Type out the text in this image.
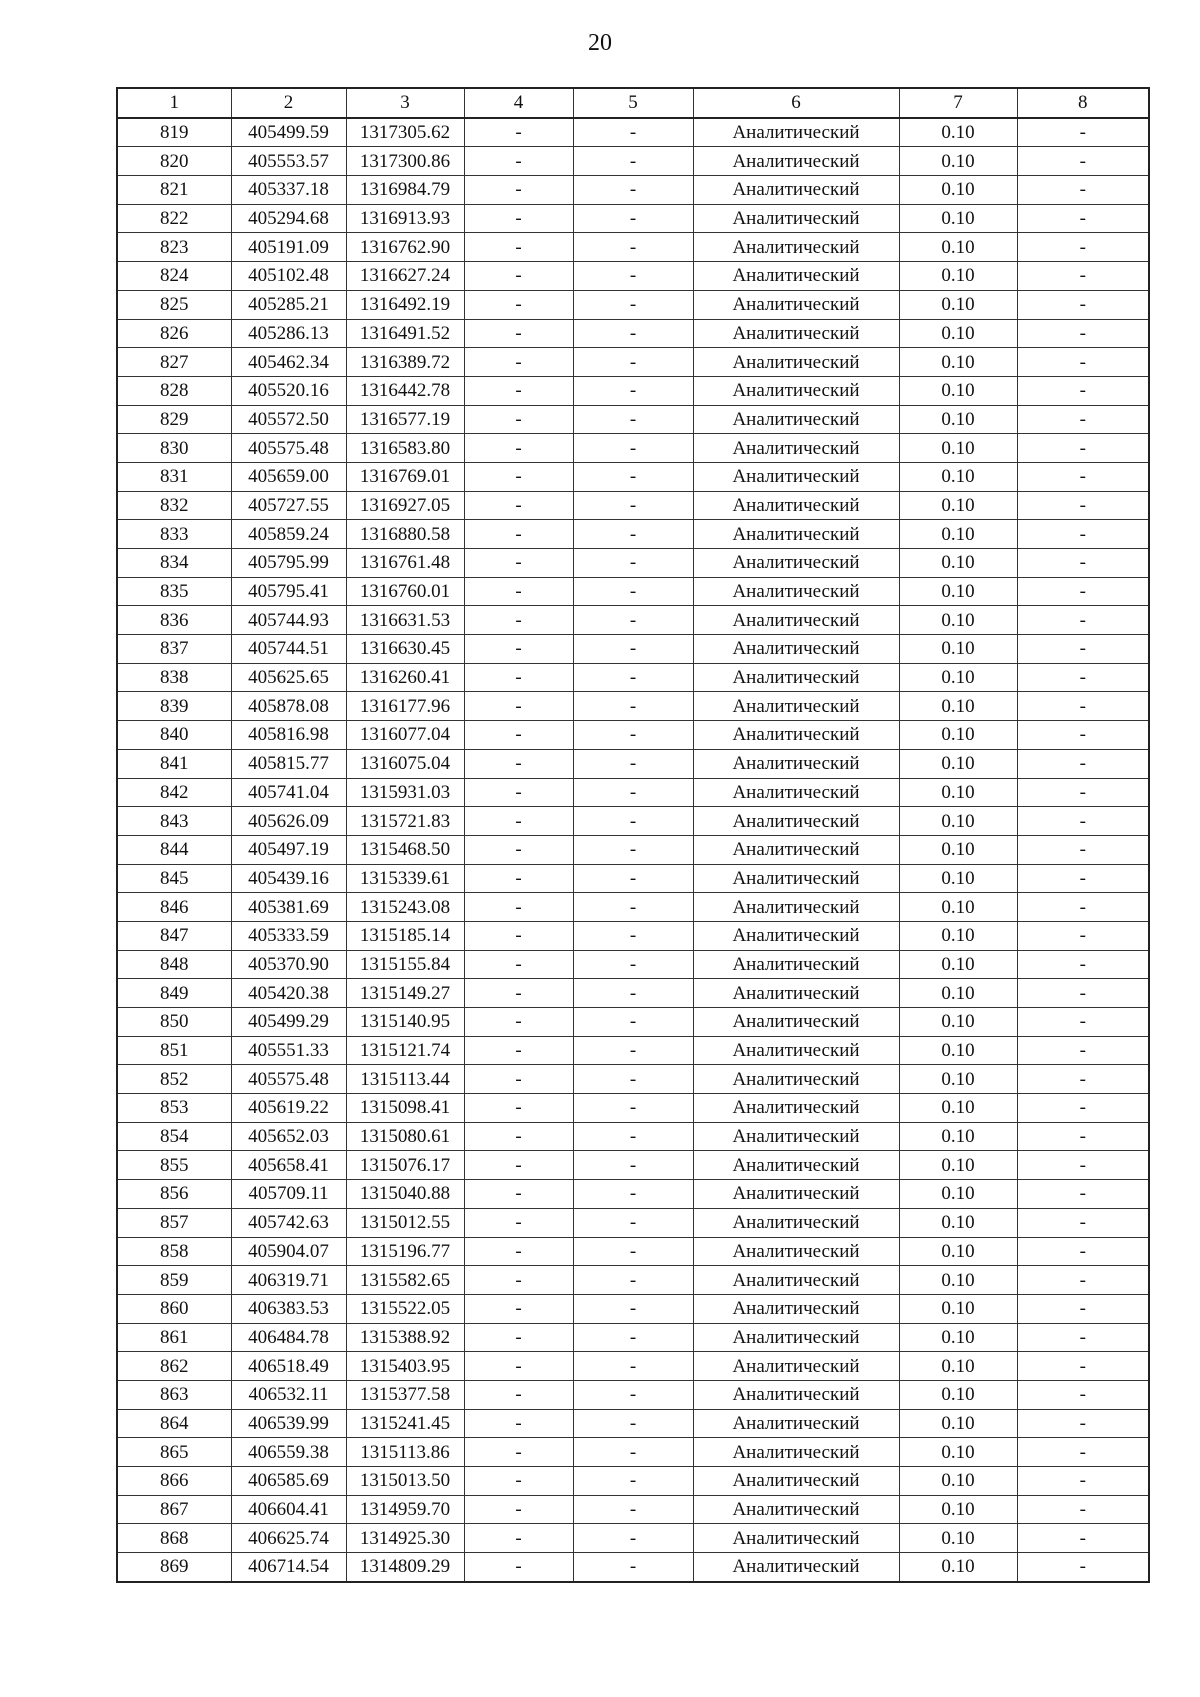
20
1	2	3	4	5	6	7	8
819	405499.59	1317305.62	-	-	Аналитический	0.10	-
820	405553.57	1317300.86	-	-	Аналитический	0.10	-
821	405337.18	1316984.79	-	-	Аналитический	0.10	-
822	405294.68	1316913.93	-	-	Аналитический	0.10	-
823	405191.09	1316762.90	-	-	Аналитический	0.10	-
824	405102.48	1316627.24	-	-	Аналитический	0.10	-
825	405285.21	1316492.19	-	-	Аналитический	0.10	-
826	405286.13	1316491.52	-	-	Аналитический	0.10	-
827	405462.34	1316389.72	-	-	Аналитический	0.10	-
828	405520.16	1316442.78	-	-	Аналитический	0.10	-
829	405572.50	1316577.19	-	-	Аналитический	0.10	-
830	405575.48	1316583.80	-	-	Аналитический	0.10	-
831	405659.00	1316769.01	-	-	Аналитический	0.10	-
832	405727.55	1316927.05	-	-	Аналитический	0.10	-
833	405859.24	1316880.58	-	-	Аналитический	0.10	-
834	405795.99	1316761.48	-	-	Аналитический	0.10	-
835	405795.41	1316760.01	-	-	Аналитический	0.10	-
836	405744.93	1316631.53	-	-	Аналитический	0.10	-
837	405744.51	1316630.45	-	-	Аналитический	0.10	-
838	405625.65	1316260.41	-	-	Аналитический	0.10	-
839	405878.08	1316177.96	-	-	Аналитический	0.10	-
840	405816.98	1316077.04	-	-	Аналитический	0.10	-
841	405815.77	1316075.04	-	-	Аналитический	0.10	-
842	405741.04	1315931.03	-	-	Аналитический	0.10	-
843	405626.09	1315721.83	-	-	Аналитический	0.10	-
844	405497.19	1315468.50	-	-	Аналитический	0.10	-
845	405439.16	1315339.61	-	-	Аналитический	0.10	-
846	405381.69	1315243.08	-	-	Аналитический	0.10	-
847	405333.59	1315185.14	-	-	Аналитический	0.10	-
848	405370.90	1315155.84	-	-	Аналитический	0.10	-
849	405420.38	1315149.27	-	-	Аналитический	0.10	-
850	405499.29	1315140.95	-	-	Аналитический	0.10	-
851	405551.33	1315121.74	-	-	Аналитический	0.10	-
852	405575.48	1315113.44	-	-	Аналитический	0.10	-
853	405619.22	1315098.41	-	-	Аналитический	0.10	-
854	405652.03	1315080.61	-	-	Аналитический	0.10	-
855	405658.41	1315076.17	-	-	Аналитический	0.10	-
856	405709.11	1315040.88	-	-	Аналитический	0.10	-
857	405742.63	1315012.55	-	-	Аналитический	0.10	-
858	405904.07	1315196.77	-	-	Аналитический	0.10	-
859	406319.71	1315582.65	-	-	Аналитический	0.10	-
860	406383.53	1315522.05	-	-	Аналитический	0.10	-
861	406484.78	1315388.92	-	-	Аналитический	0.10	-
862	406518.49	1315403.95	-	-	Аналитический	0.10	-
863	406532.11	1315377.58	-	-	Аналитический	0.10	-
864	406539.99	1315241.45	-	-	Аналитический	0.10	-
865	406559.38	1315113.86	-	-	Аналитический	0.10	-
866	406585.69	1315013.50	-	-	Аналитический	0.10	-
867	406604.41	1314959.70	-	-	Аналитический	0.10	-
868	406625.74	1314925.30	-	-	Аналитический	0.10	-
869	406714.54	1314809.29	-	-	Аналитический	0.10	-
